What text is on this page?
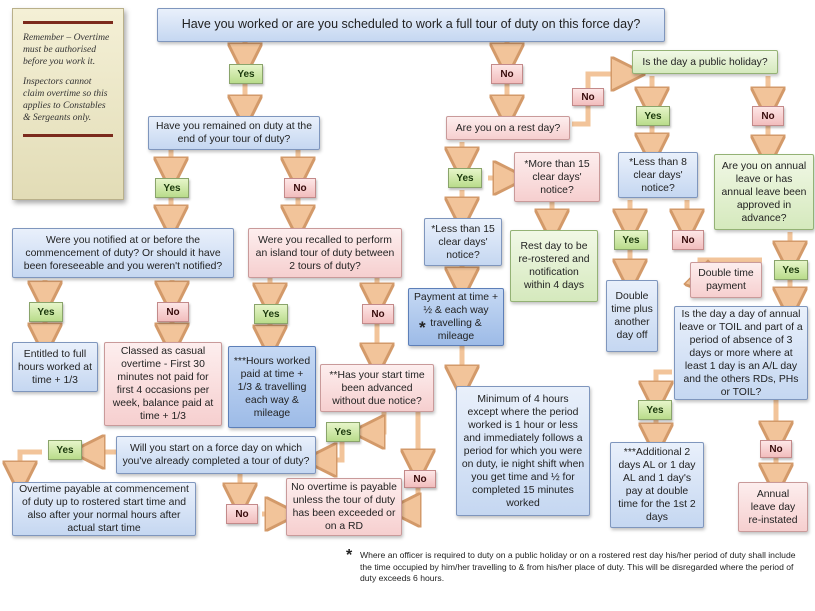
Remember – Overtime must be authorised before you work it.

Inspectors cannot claim overtime so this applies to Constables & Sergeants only.

Have you worked or are you scheduled to work a full tour of duty on this force day?
Yes
Have you remained on duty at the end of your tour of duty?
Yes	No
Were you notified at or before the commencement of duty? Or should it have been foreseeable and you weren't notified?
Yes	No
Entitled to full hours worked at time + 1/3
Classed as casual overtime - First 30 minutes not paid for first 4 occasions per week, balance paid at time + 1/3
Were you recalled to perform an island tour of duty between 2 tours of duty?
Yes	No
***Hours worked paid at time + 1/3 & travelling each way & mileage
**Has your start time been advanced without due notice?
Yes
No
Will you start on a force day on which you've already completed a tour of duty?
Yes
Overtime payable at commencement of duty up to rostered start time and also after your normal hours after actual start time
No
No overtime is payable unless the tour of duty has been exceeded or on a RD
No
Are you on a rest day?
No
Yes
*More than 15 clear days' notice?
Rest day to be re-rostered and notification within 4 days
*Less than 15 clear days' notice?
Payment at time + ½ & each way travelling & mileage
*
Minimum of 4 hours except where the period worked is 1 hour or less and immediately follows a period for which you were on duty, ie night shift when you get time and ½ for completed 15 minutes worked
Is the day a public holiday?
Yes	No
*Less than 8 clear days' notice?
Yes	No
Double time plus another day off
Are you on annual leave or has annual leave been approved in advance?
Yes
Double time payment
Is the day a day of annual leave or TOIL and part of a period of absence of 3 days or more where at least 1 day is an A/L day and the others RDs, PHs or TOIL?
Yes
***Additional 2 days AL or 1 day AL and 1 day's pay at double time for the 1st 2 days
No
Annual leave day re-instated
* Where an officer is required to duty on a public holiday or on a rostered rest day his/her period of duty shall include the time occupied by him/her travelling to & from his/her place of duty. This will be disregarded where the period of duty exceeds 6 hours.
